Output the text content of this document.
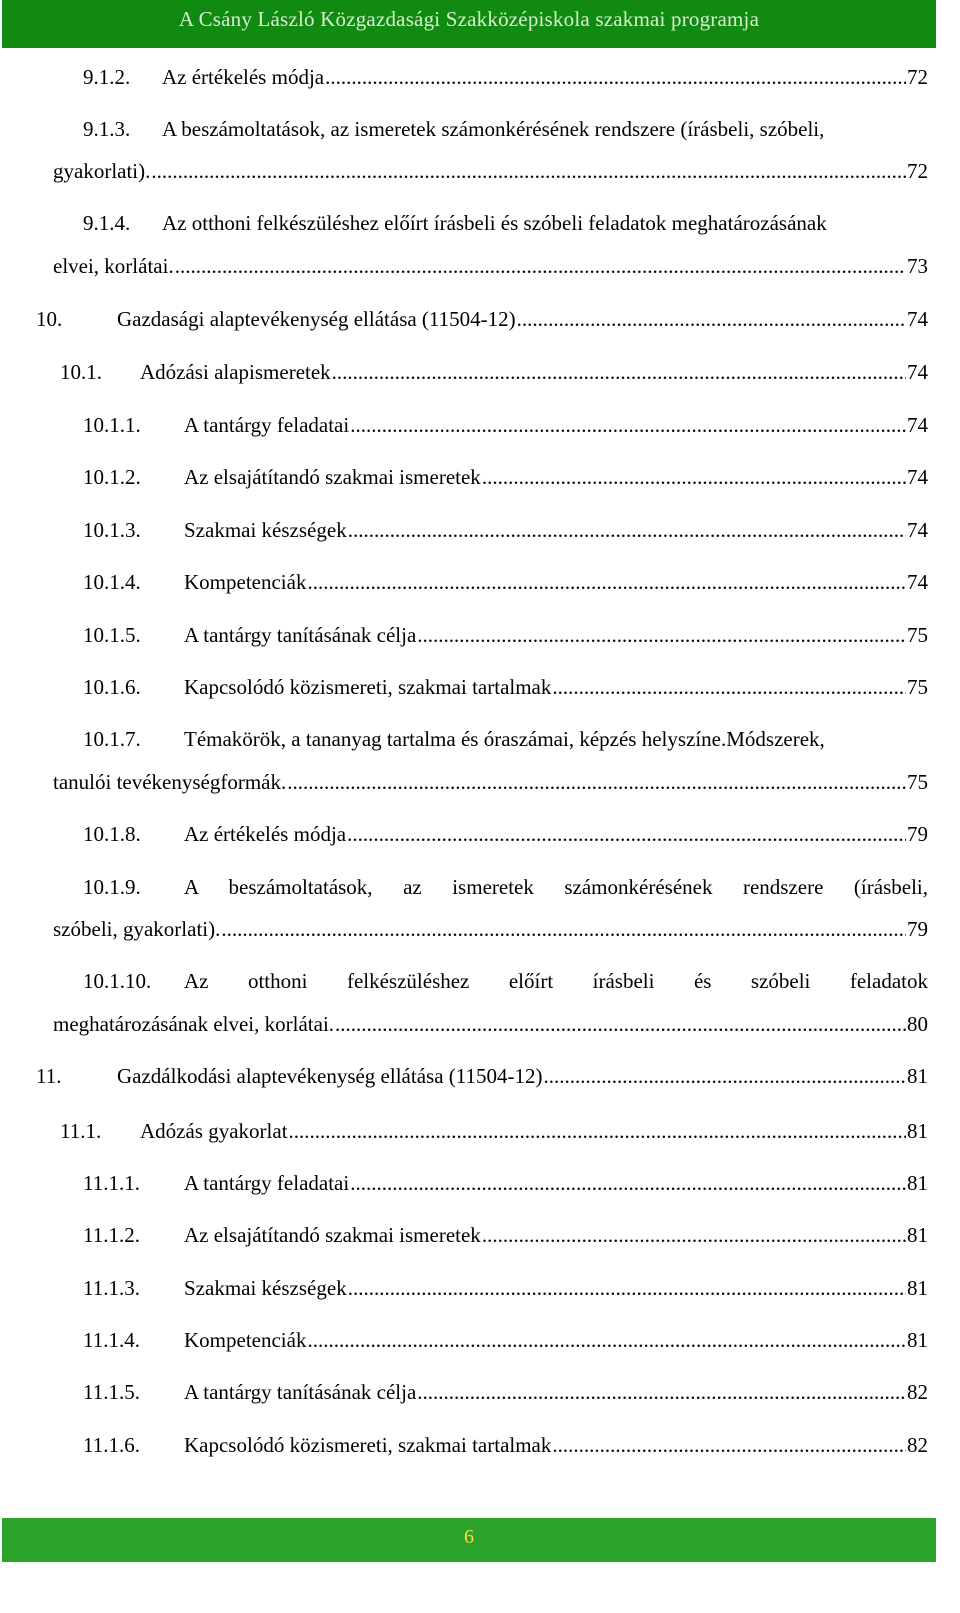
A Csány László Közgazdasági Szakközépiskola szakmai programja
9.1.2.	Az értékelés módja .....	72
9.1.3.	A beszámoltatások, az ismeretek számonkérésének rendszere (írásbeli, szóbeli,
gyakorlati). .....	72
9.1.4.	Az otthoni felkészüléshez előírt írásbeli és szóbeli feladatok meghatározásának
elvei, korlátai. .....	73
10.	Gazdasági alaptevékenység ellátása (11504-12) .....	74
10.1.	Adózási alapismeretek .....	74
10.1.1.	A tantárgy feladatai .....	74
10.1.2.	Az elsajátítandó szakmai ismeretek .....	74
10.1.3.	Szakmai készségek .....	74
10.1.4.	Kompetenciák .....	74
10.1.5.	A tantárgy tanításának célja .....	75
10.1.6.	Kapcsolódó közismereti, szakmai tartalmak .....	75
10.1.7.	Témakörök, a tananyag tartalma és óraszámai, képzés helyszíne.Módszerek,
tanulói tevékenységformák. .....	75
10.1.8.	Az értékelés módja .....	79
10.1.9.	A beszámoltatások, az ismeretek számonkérésének rendszere (írásbeli,
szóbeli, gyakorlati). .....	79
10.1.10.	Az otthoni felkészüléshez előírt írásbeli és szóbeli feladatok
meghatározásának elvei, korlátai. .....	80
11.	Gazdálkodási alaptevékenység ellátása (11504-12) .....	81
11.1.	Adózás gyakorlat .....	81
11.1.1.	A tantárgy feladatai .....	81
11.1.2.	Az elsajátítandó szakmai ismeretek .....	81
11.1.3.	Szakmai készségek .....	81
11.1.4.	Kompetenciák .....	81
11.1.5.	A tantárgy tanításának célja .....	82
11.1.6.	Kapcsolódó közismereti, szakmai tartalmak .....	82
6
